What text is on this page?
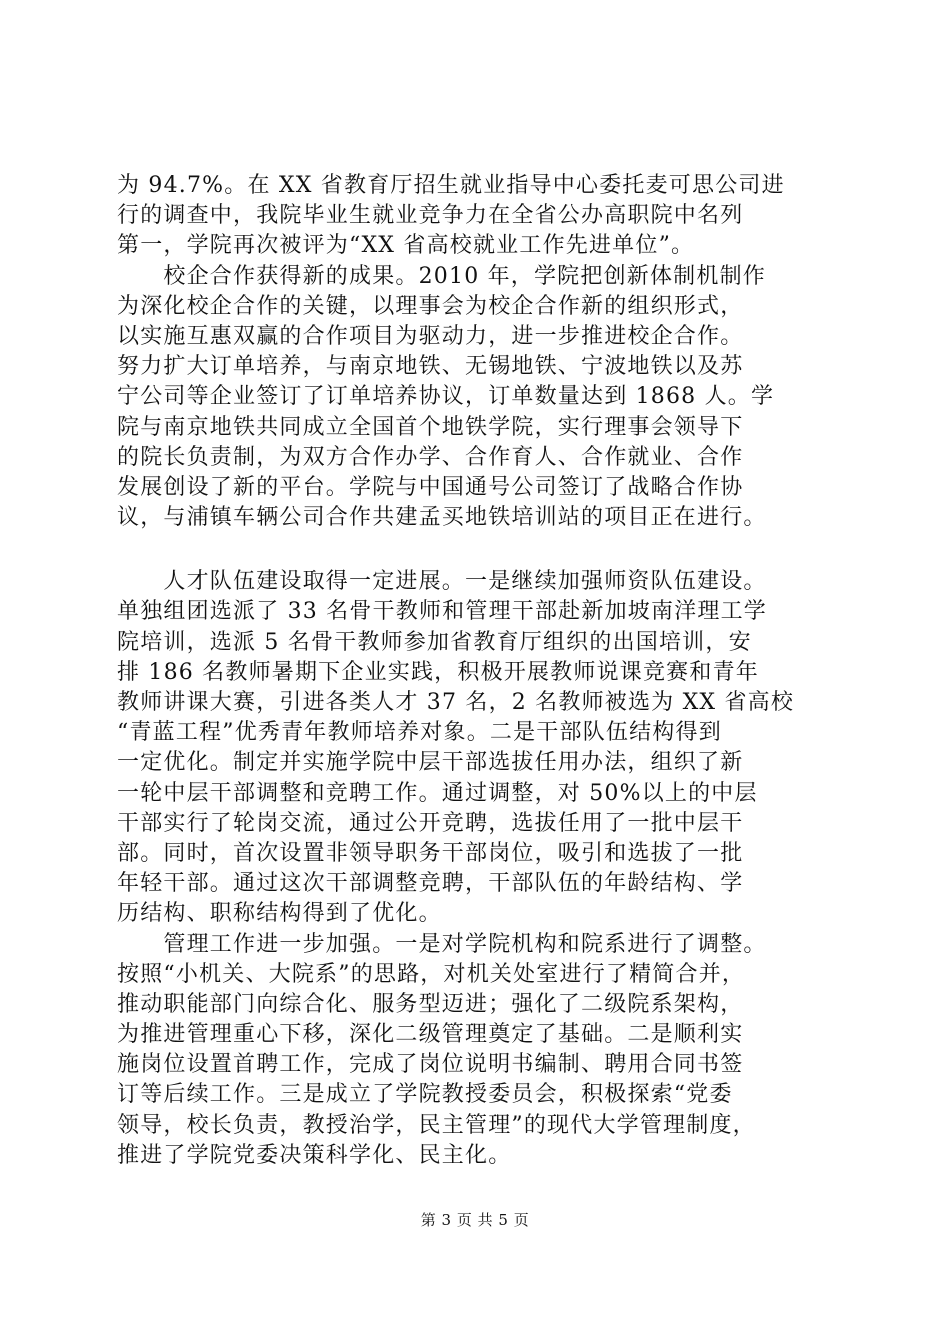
为 94.7%。在 XX 省教育厅招生就业指导中心委托麦可思公司进
行的调查中，我院毕业生就业竞争力在全省公办高职院中名列
第一，学院再次被评为“XX 省高校就业工作先进单位”。
　　校企合作获得新的成果。2010 年，学院把创新体制机制作
为深化校企合作的关键，以理事会为校企合作新的组织形式，
以实施互惠双赢的合作项目为驱动力，进一步推进校企合作。
努力扩大订单培养，与南京地铁、无锡地铁、宁波地铁以及苏
宁公司等企业签订了订单培养协议，订单数量达到 1868 人。学
院与南京地铁共同成立全国首个地铁学院，实行理事会领导下
的院长负责制，为双方合作办学、合作育人、合作就业、合作
发展创设了新的平台。学院与中国通号公司签订了战略合作协
议，与浦镇车辆公司合作共建孟买地铁培训站的项目正在进行。
　　人才队伍建设取得一定进展。一是继续加强师资队伍建设。
单独组团选派了 33 名骨干教师和管理干部赴新加坡南洋理工学
院培训，选派 5 名骨干教师参加省教育厅组织的出国培训，安
排 186 名教师暑期下企业实践，积极开展教师说课竞赛和青年
教师讲课大赛，引进各类人才 37 名，2 名教师被选为 XX 省高校
“青蓝工程”优秀青年教师培养对象。二是干部队伍结构得到
一定优化。制定并实施学院中层干部选拔任用办法，组织了新
一轮中层干部调整和竞聘工作。通过调整，对 50%以上的中层
干部实行了轮岗交流，通过公开竞聘，选拔任用了一批中层干
部。同时，首次设置非领导职务干部岗位，吸引和选拔了一批
年轻干部。通过这次干部调整竞聘，干部队伍的年龄结构、学
历结构、职称结构得到了优化。
　　管理工作进一步加强。一是对学院机构和院系进行了调整。
按照“小机关、大院系”的思路，对机关处室进行了精简合并，
推动职能部门向综合化、服务型迈进；强化了二级院系架构，
为推进管理重心下移，深化二级管理奠定了基础。二是顺利实
施岗位设置首聘工作，完成了岗位说明书编制、聘用合同书签
订等后续工作。三是成立了学院教授委员会，积极探索“党委
领导，校长负责，教授治学，民主管理”的现代大学管理制度，
推进了学院党委决策科学化、民主化。
第 3 页 共 5 页
